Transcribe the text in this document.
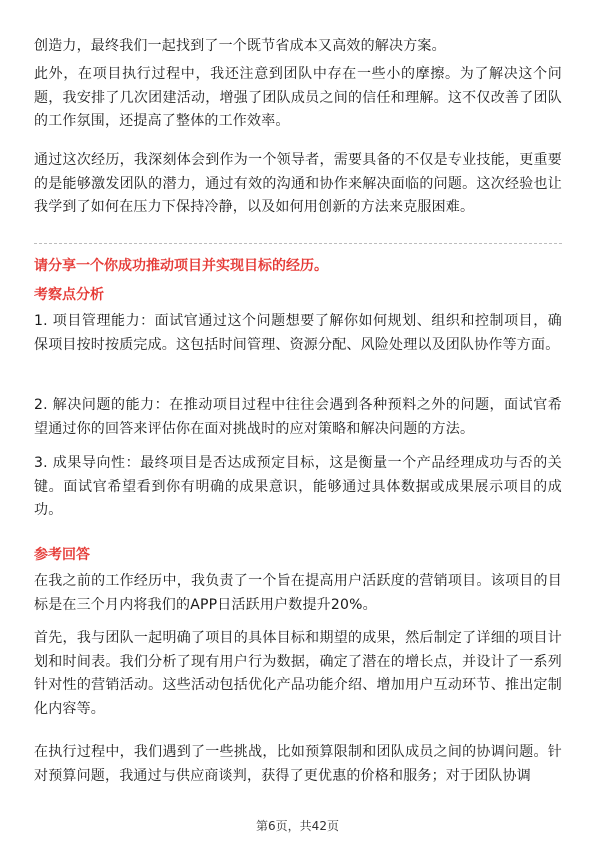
创造力，最终我们一起找到了一个既节省成本又高效的解决方案。

此外，在项目执行过程中，我还注意到团队中存在一些小的摩擦。为了解决这个问题，我安排了几次团建活动，增强了团队成员之间的信任和理解。这不仅改善了团队的工作氛围，还提高了整体的工作效率。

通过这次经历，我深刻体会到作为一个领导者，需要具备的不仅是专业技能，更重要的是能够激发团队的潜力，通过有效的沟通和协作来解决面临的问题。这次经验也让我学到了如何在压力下保持冷静，以及如何用创新的方法来克服困难。

请分享一个你成功推动项目并实现目标的经历。
考察点分析

1. 项目管理能力：面试官通过这个问题想要了解你如何规划、组织和控制项目，确保项目按时按质完成。这包括时间管理、资源分配、风险处理以及团队协作等方面。

2. 解决问题的能力：在推动项目过程中往往会遇到各种预料之外的问题，面试官希望通过你的回答来评估你在面对挑战时的应对策略和解决问题的方法。

3. 成果导向性：最终项目是否达成预定目标，这是衡量一个产品经理成功与否的关键。面试官希望看到你有明确的成果意识，能够通过具体数据或成果展示项目的成功。

参考回答

在我之前的工作经历中，我负责了一个旨在提高用户活跃度的营销项目。该项目的目标是在三个月内将我们的APP日活跃用户数提升20%。

首先，我与团队一起明确了项目的具体目标和期望的成果，然后制定了详细的项目计划和时间表。我们分析了现有用户行为数据，确定了潜在的增长点，并设计了一系列针对性的营销活动。这些活动包括优化产品功能介绍、增加用户互动环节、推出定制化内容等。

在执行过程中，我们遇到了一些挑战，比如预算限制和团队成员之间的协调问题。针对预算问题，我通过与供应商谈判，获得了更优惠的价格和服务；对于团队协调

第6页，共42页
